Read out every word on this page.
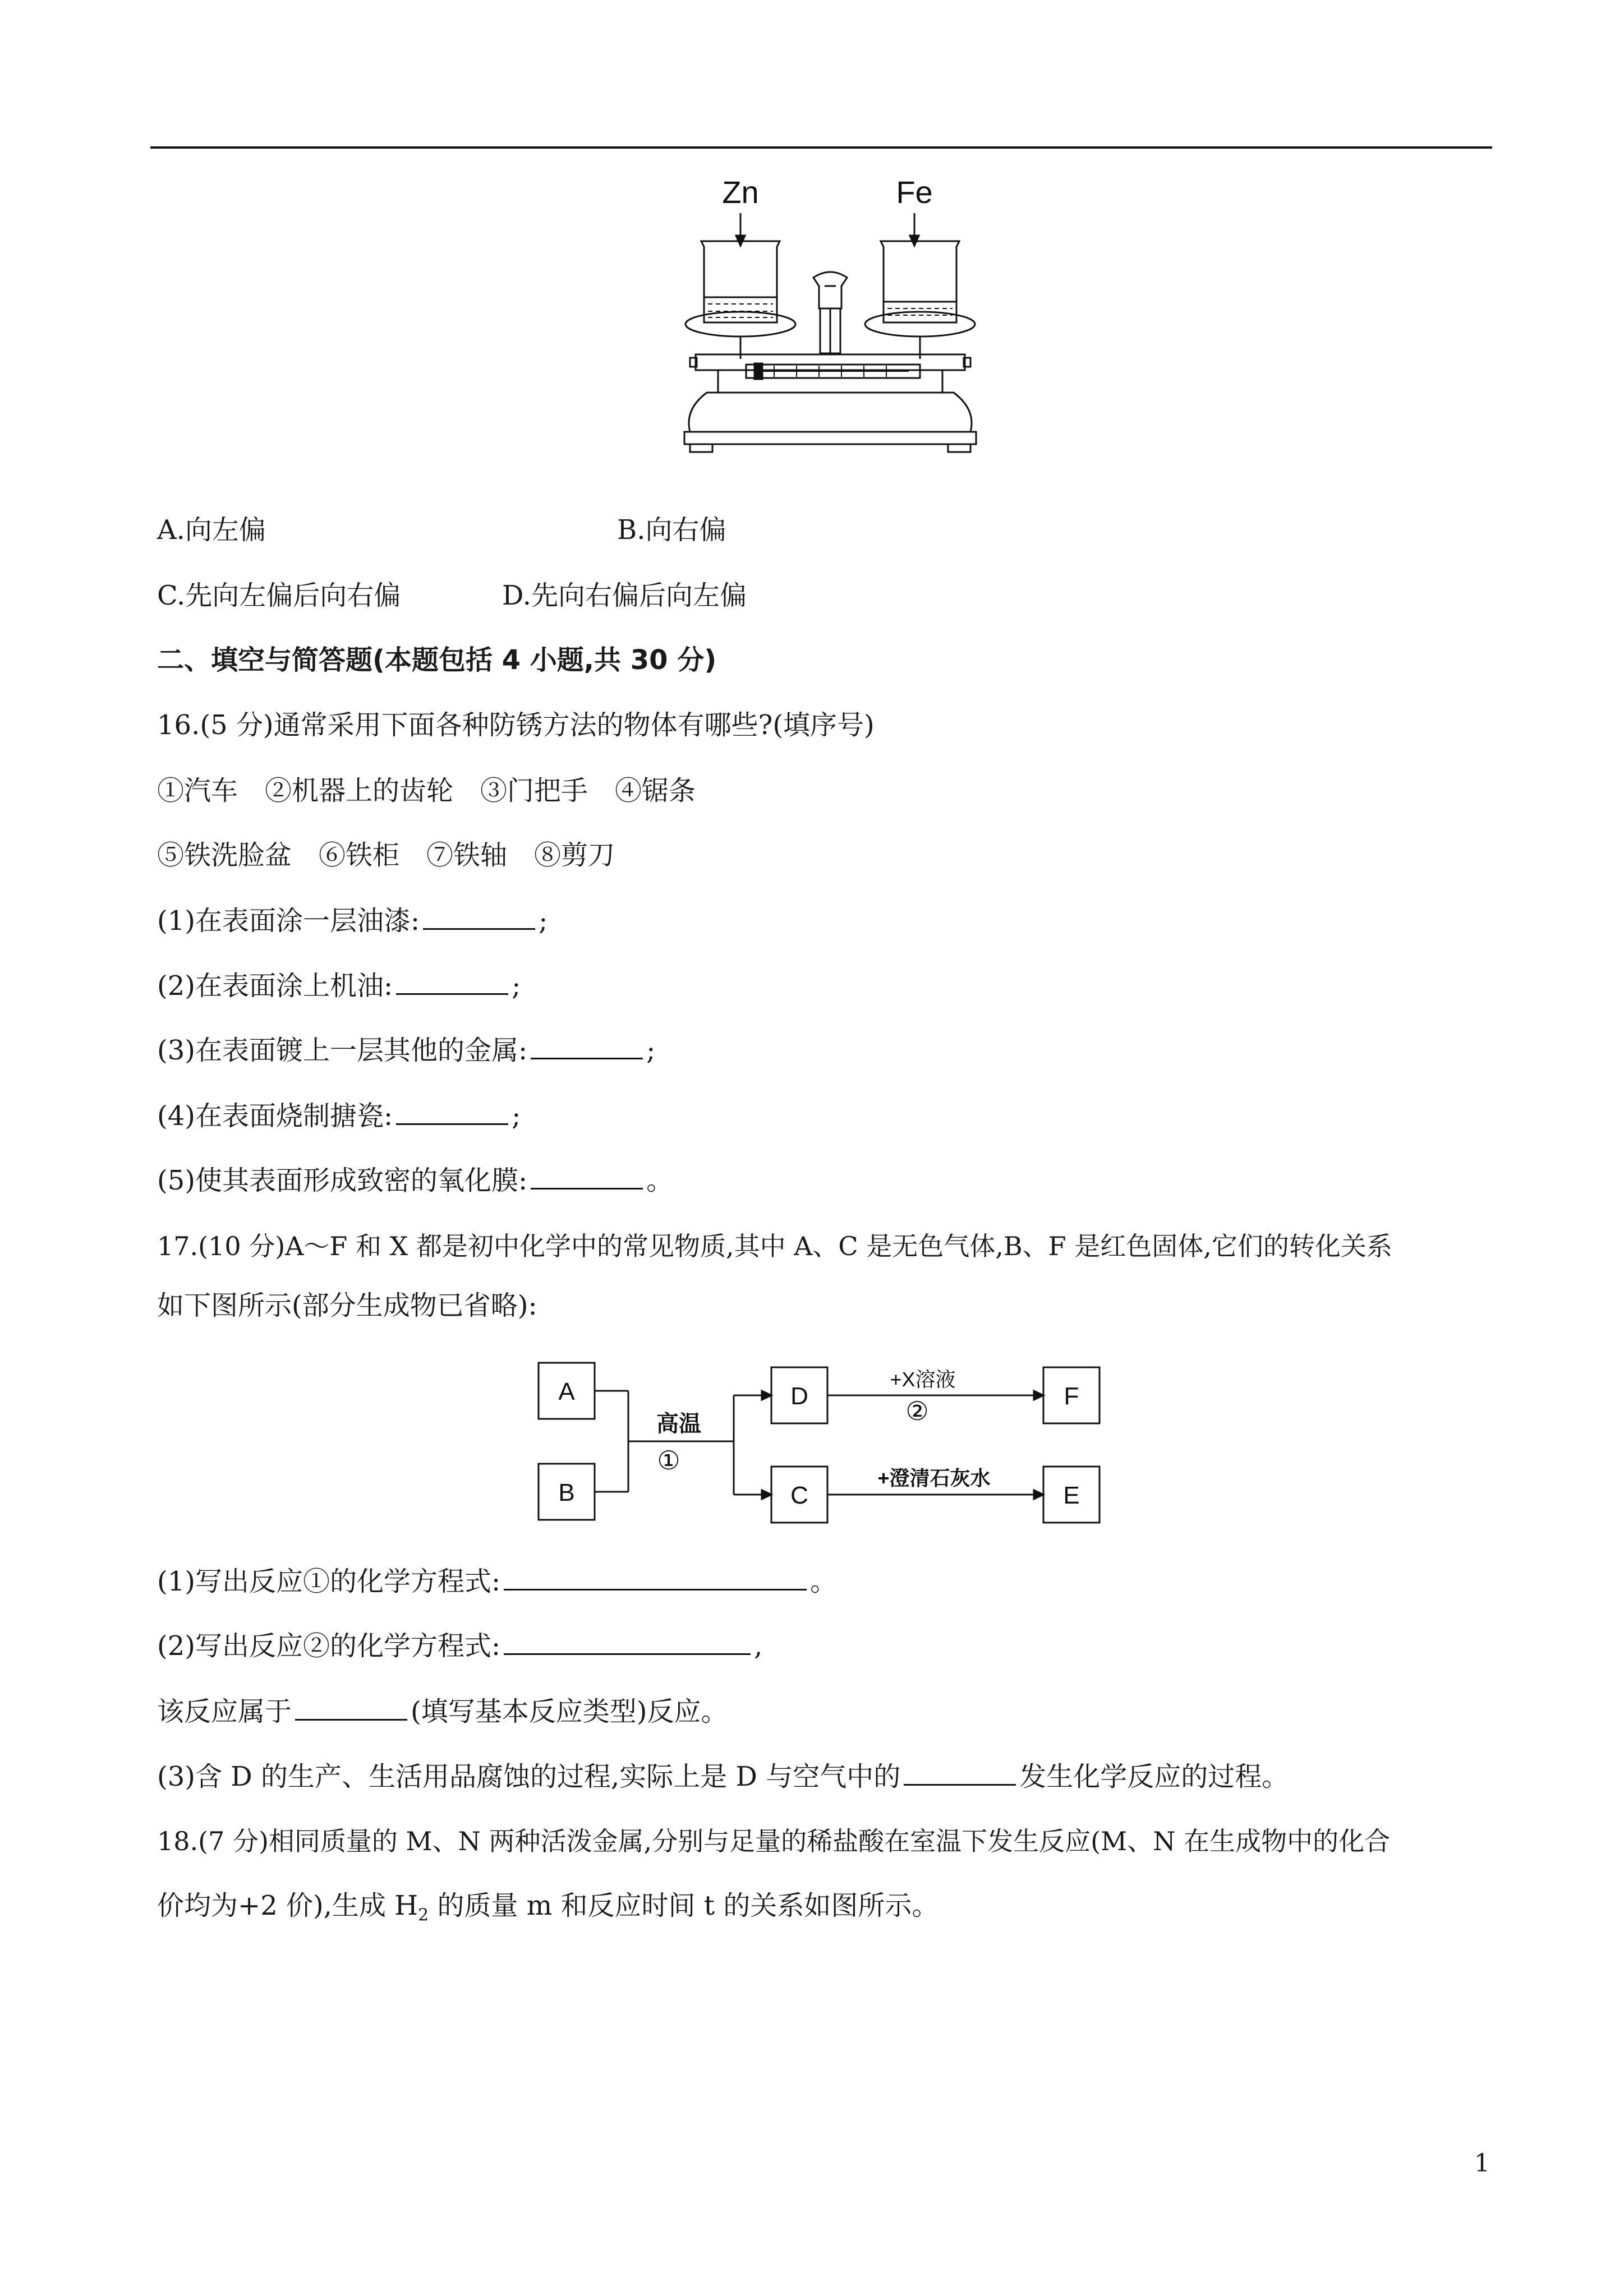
Zn	Fe
A.向左偏	B.向右偏
C.先向左偏后向右偏	D.先向右偏后向左偏
二、填空与简答题(本题包括 4 小题,共 30 分)
16.(5 分)通常采用下面各种防锈方法的物体有哪些?(填序号)
①汽车　②机器上的齿轮　③门把手　④锯条
⑤铁洗脸盆　⑥铁柜　⑦铁轴　⑧剪刀
(1)在表面涂一层油漆:	;
(2)在表面涂上机油:	;
(3)在表面镀上一层其他的金属:	;
(4)在表面烧制搪瓷:	;
(5)使其表面形成致密的氧化膜:	。
17.(10 分)A～F 和 X 都是初中化学中的常见物质,其中 A、C 是无色气体,B、F 是红色固体,它们的转化关系
如下图所示(部分生成物已省略):
A
B
D
C
F
E
高温
①
+X溶液
②
+澄清石灰水
(1)写出反应①的化学方程式:	。
(2)写出反应②的化学方程式:	,
该反应属于	(填写基本反应类型)反应。
(3)含 D 的生产、生活用品腐蚀的过程,实际上是 D 与空气中的	发生化学反应的过程。
18.(7 分)相同质量的 M、N 两种活泼金属,分别与足量的稀盐酸在室温下发生反应(M、N 在生成物中的化合
价均为+2 价),生成 $H_2$ 的质量 m 和反应时间 t 的关系如图所示。
1
